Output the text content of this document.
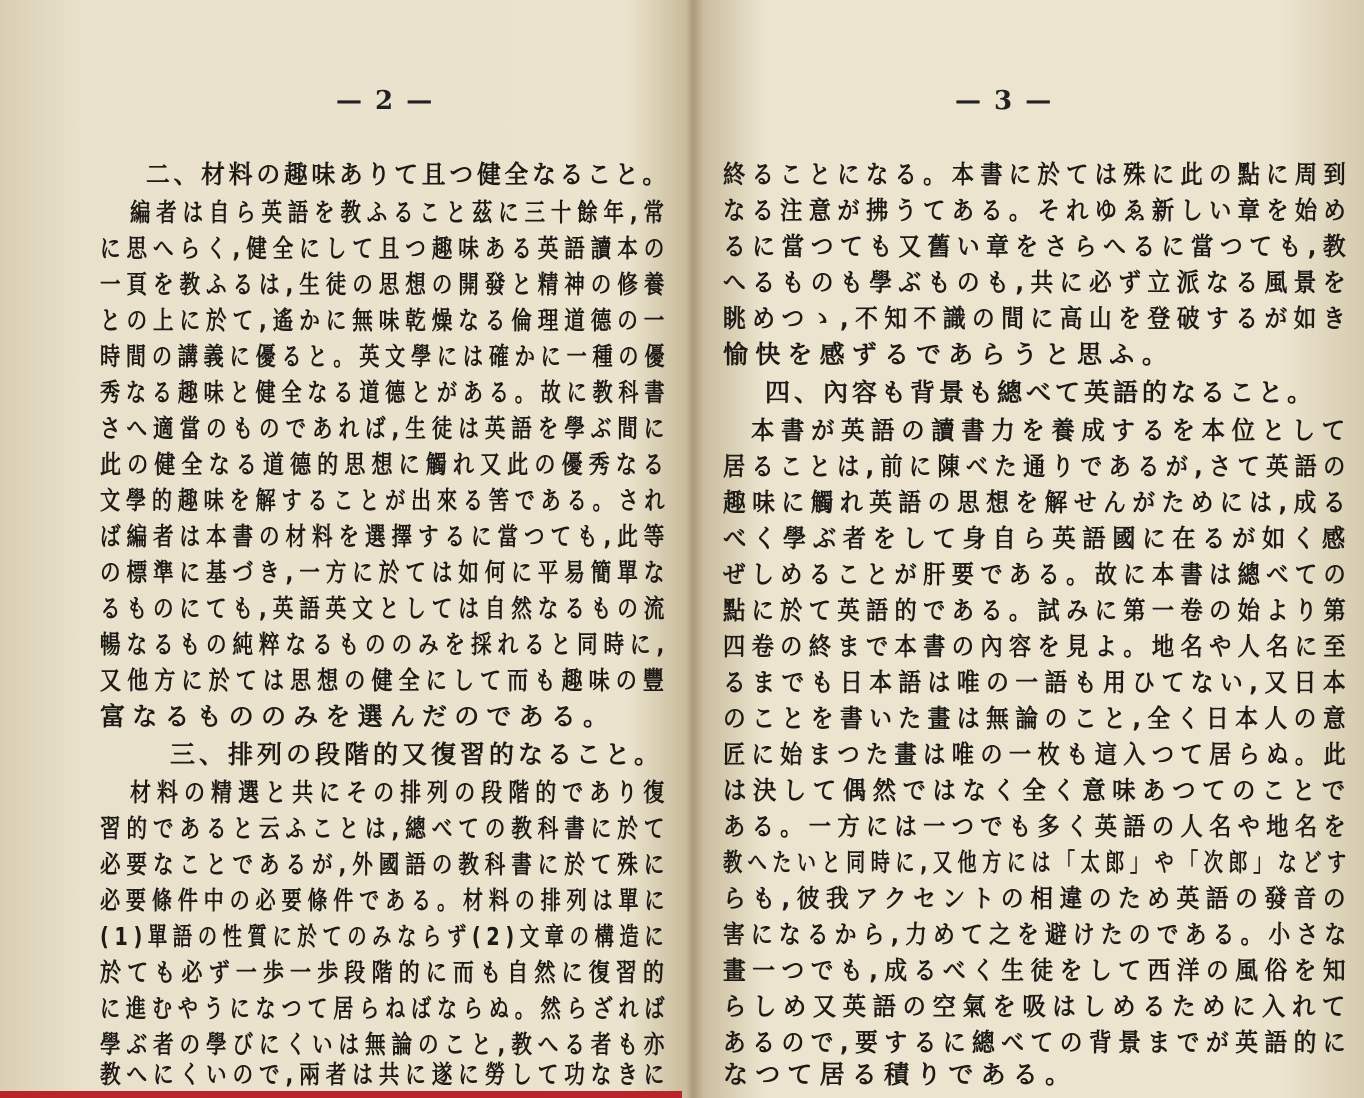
— 2 —
二、材料の趣味ありて且つ健全なること。
編者は自ら英語を教ふること茲に三十餘年,常
に思へらく,健全にして且つ趣味ある英語讀本の
一頁を教ふるは,生徒の思想の開發と精神の修養
との上に於て,遙かに無味乾燥なる倫理道德の一
時間の講義に優ると。英文學には確かに一種の優
秀なる趣味と健全なる道德とがある。故に教科書
さへ適當のものであれば,生徒は英語を學ぶ間に
此の健全なる道德的思想に觸れ又此の優秀なる
文學的趣味を解することが出來る筈である。され
ば編者は本書の材料を選擇するに當つても,此等
の標準に基づき,一方に於ては如何に平易簡單な
るものにても,英語英文としては自然なるもの流
暢なるもの純粹なるもののみを採れると同時に,
又他方に於ては思想の健全にして而も趣味の豐
富なるもののみを選んだのである。
三、排列の段階的又復習的なること。
材料の精選と共にその排列の段階的であり復
習的であると云ふことは,總べての教科書に於て
必要なことであるが,外國語の教科書に於て殊に
必要條件中の必要條件である。材料の排列は單に
(1)單語の性質に於てのみならず(2)文章の構造に
於ても必ず一歩一歩段階的に而も自然に復習的
に進むやうになつて居らねばならぬ。然らざれば
學ぶ者の學びにくいは無論のこと,教へる者も亦
教へにくいので,兩者は共に遂に勞して功なきに
— 3 —
終ることになる。本書に於ては殊に此の點に周到
なる注意が拂うてある。それゆゑ新しい章を始め
るに當つても又舊い章をさらへるに當つても,教
へるものも學ぶものも,共に必ず立派なる風景を
眺めつゝ,不知不識の間に高山を登破するが如き
愉快を感ずるであらうと思ふ。
四、內容も背景も總べて英語的なること。
本書が英語の讀書力を養成するを本位として
居ることは,前に陳べた通りであるが,さて英語の
趣味に觸れ英語の思想を解せんがためには,成る
べく學ぶ者をして身自ら英語國に在るが如く感
ぜしめることが肝要である。故に本書は總べての
點に於て英語的である。試みに第一卷の始より第
四卷の終まで本書の內容を見よ。地名や人名に至
るまでも日本語は唯の一語も用ひてない,又日本
のことを書いた畫は無論のこと,全く日本人の意
匠に始まつた畫は唯の一枚も這入つて居らぬ。此
は決して偶然ではなく全く意味あつてのことで
ある。一方には一つでも多く英語の人名や地名を
教へたいと同時に,又他方には「太郎」や「次郎」などす
らも,彼我アクセントの相違のため英語の發音の
害になるから,力めて之を避けたのである。小さな
畫一つでも,成るべく生徒をして西洋の風俗を知
らしめ又英語の空氣を吸はしめるために入れて
あるので,要するに總べての背景までが英語的に
なつて居る積りである。
